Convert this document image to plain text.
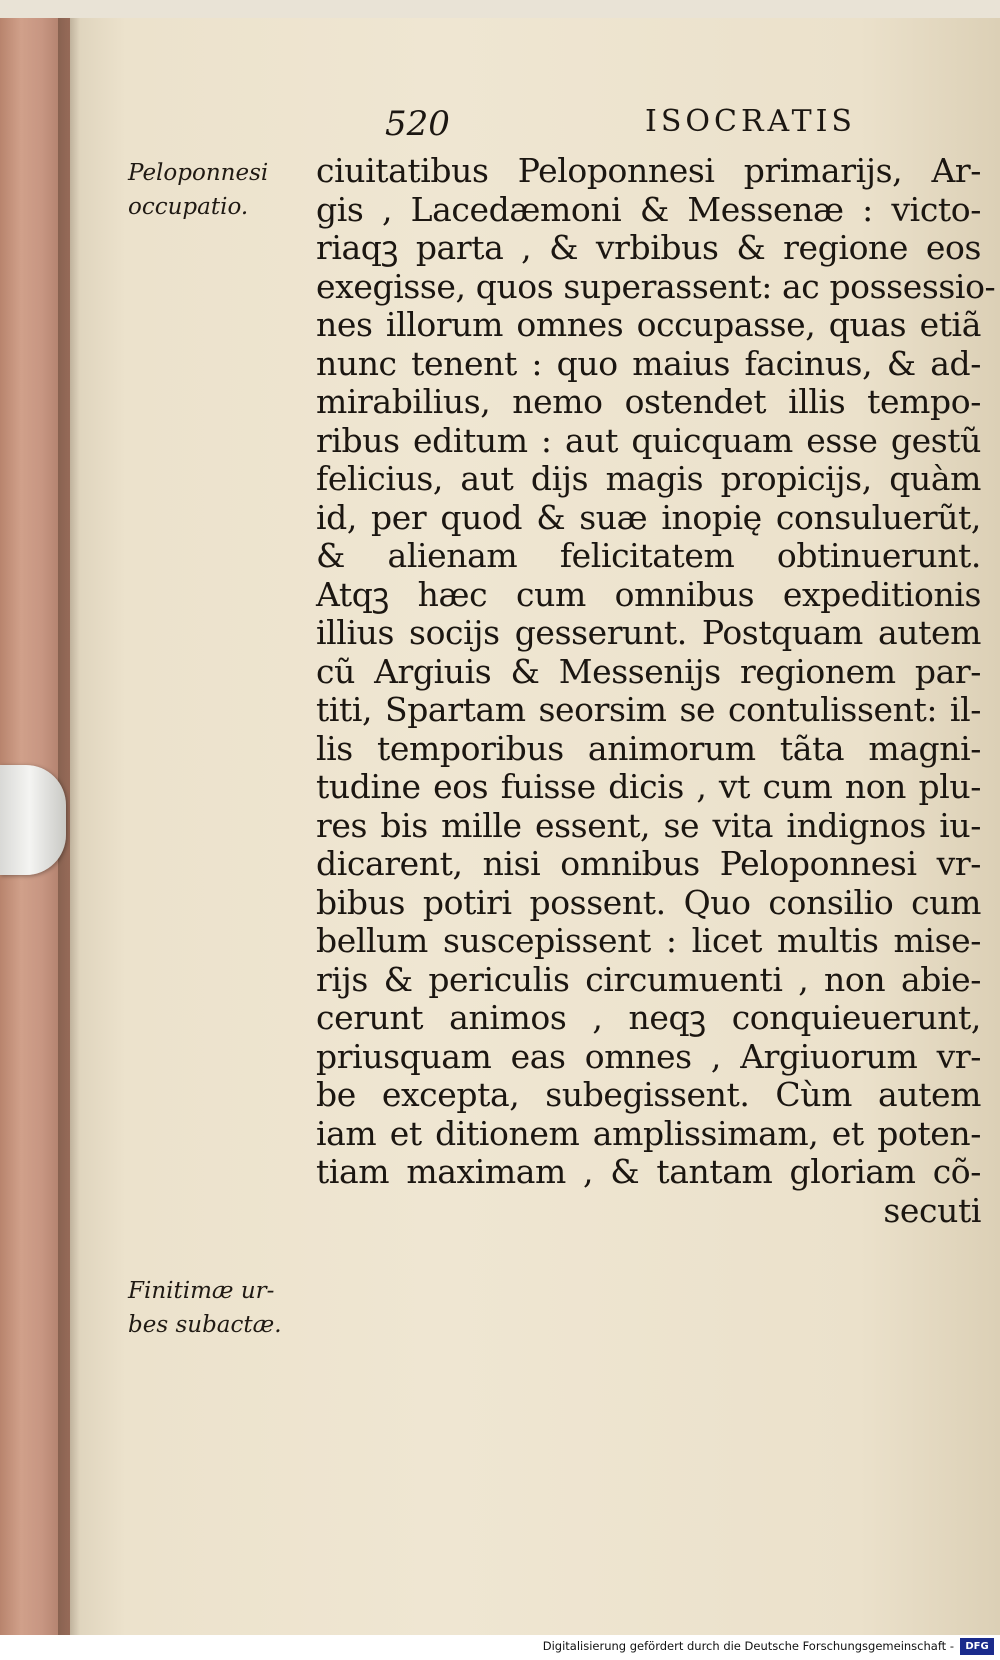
520	ISOCRATIS
Peloponnesi
occupatio.
Finitimæ ur-
bes subactæ.
ciuitatibus Peloponnesi primarijs, Ar-
gis , Lacedæmoni & Messenæ : victo-
riaqꝫ parta , & vrbibus & regione eos
exegisse, quos superassent: ac possessio-
nes illorum omnes occupasse, quas etiã
nunc tenent : quo maius facinus, & ad-
mirabilius, nemo ostendet illis tempo-
ribus editum : aut quicquam esse gestũ
felicius, aut dijs magis propicijs, quàm
id, per quod & suæ inopię consuluerũt,
& alienam felicitatem obtinuerunt.
Atqꝫ hæc cum omnibus expeditionis
illius socijs gesserunt. Postquam autem
cũ Argiuis & Messenijs regionem par-
titi, Spartam seorsim se contulissent: il-
lis temporibus animorum tãta magni-
tudine eos fuisse dicis , vt cum non plu-
res bis mille essent, se vita indignos iu-
dicarent, nisi omnibus Peloponnesi vr-
bibus potiri possent. Quo consilio cum
bellum suscepissent : licet multis mise-
rijs & periculis circumuenti , non abie-
cerunt animos , neqꝫ conquieuerunt,
priusquam eas omnes , Argiuorum vr-
be excepta, subegissent. Cùm autem
iam et ditionem amplissimam, et poten-
tiam maximam , & tantam gloriam cõ-
secuti
Digitalisierung gefördert durch die Deutsche Forschungsgemeinschaft -	DFG
